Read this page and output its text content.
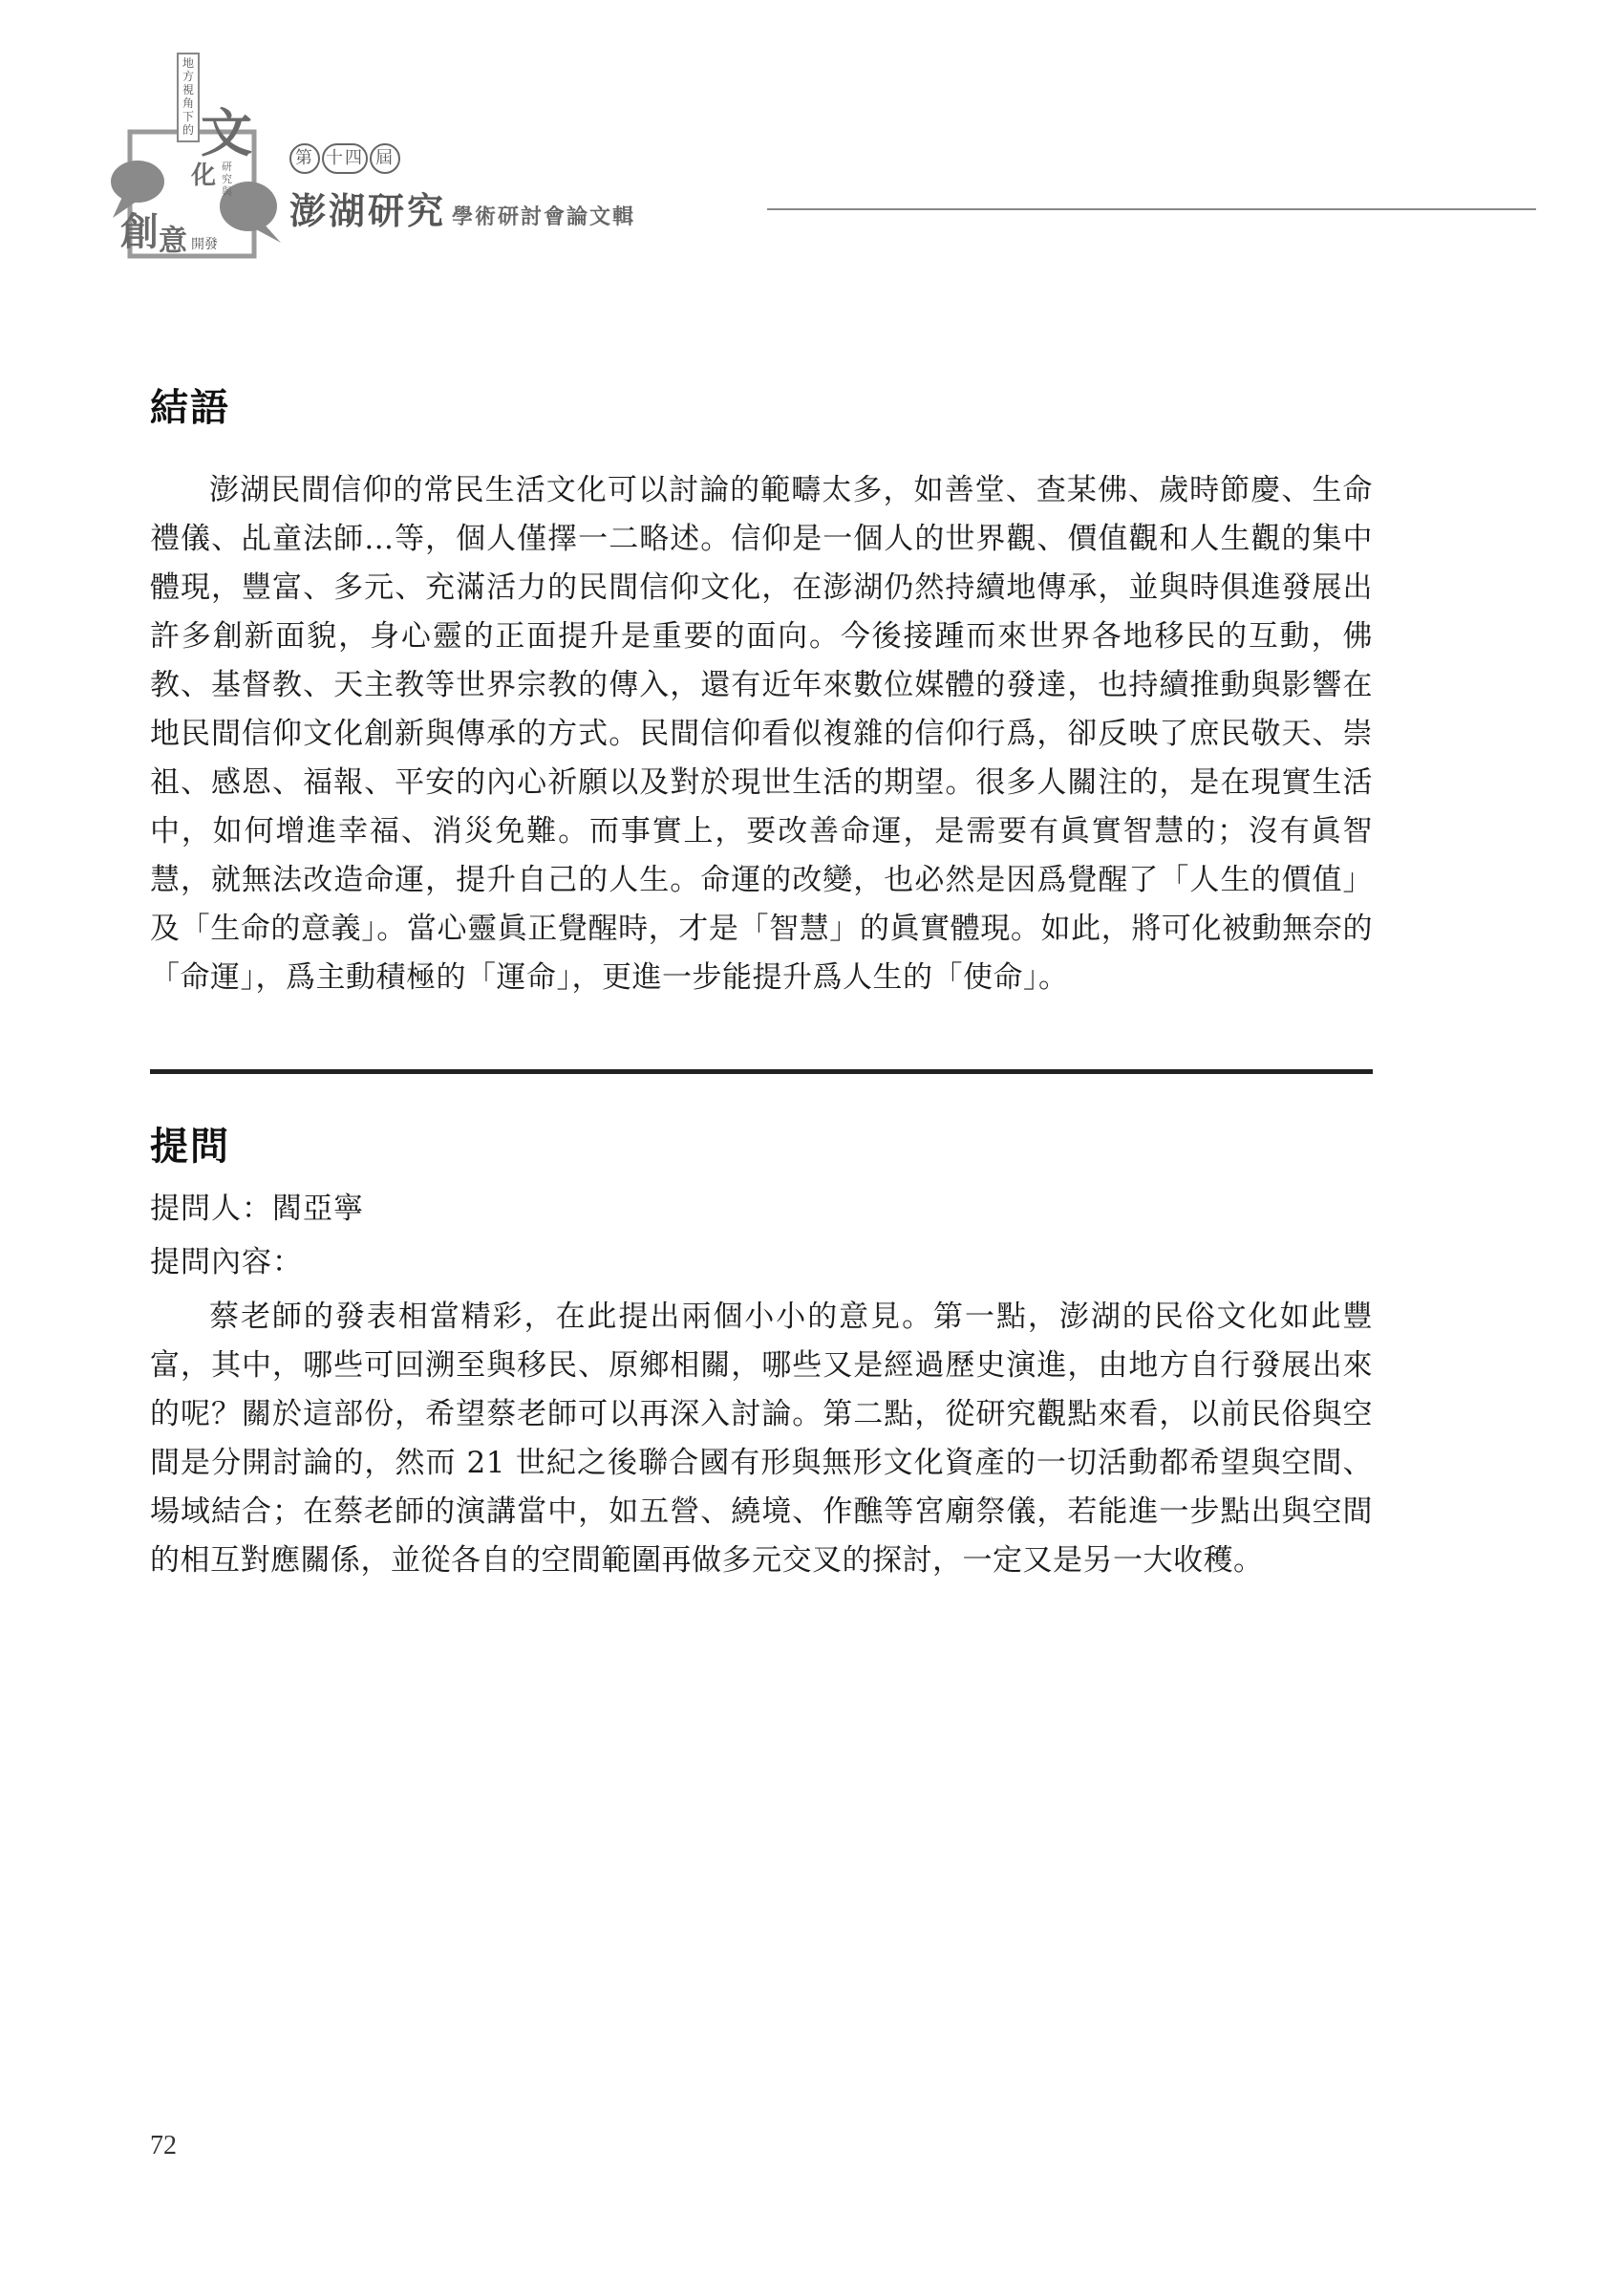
地
方
視
角
下
的 文
化 研
究
與
創 意 開發
第 十四 屆
澎湖研究 學術研討會論文輯
結語

澎湖民間信仰的常民生活文化可以討論的範疇太多，如善堂、查某佛、歲時節慶、生命禮儀、乩童法師…等，個人僅擇一二略述。信仰是一個人的世界觀、價值觀和人生觀的集中體現，豐富、多元、充滿活力的民間信仰文化，在澎湖仍然持續地傳承，並與時俱進發展出許多創新面貌，身心靈的正面提升是重要的面向。今後接踵而來世界各地移民的互動，佛教、基督教、天主教等世界宗教的傳入，還有近年來數位媒體的發達，也持續推動與影響在地民間信仰文化創新與傳承的方式。民間信仰看似複雜的信仰行爲，卻反映了庶民敬天、崇祖、感恩、福報、平安的內心祈願以及對於現世生活的期望。很多人關注的，是在現實生活中，如何增進幸福、消災免難。而事實上，要改善命運，是需要有眞實智慧的；沒有眞智慧，就無法改造命運，提升自己的人生。命運的改變，也必然是因爲覺醒了「人生的價值」及「生命的意義」。當心靈眞正覺醒時，才是「智慧」的眞實體現。如此，將可化被動無奈的「命運」，爲主動積極的「運命」，更進一步能提升爲人生的「使命」。

提問

提問人：閻亞寧

提問內容：

蔡老師的發表相當精彩，在此提出兩個小小的意見。第一點，澎湖的民俗文化如此豐富，其中，哪些可回溯至與移民、原鄉相關，哪些又是經過歷史演進，由地方自行發展出來的呢？關於這部份，希望蔡老師可以再深入討論。第二點，從研究觀點來看，以前民俗與空間是分開討論的，然而 21 世紀之後聯合國有形與無形文化資產的一切活動都希望與空間、場域結合；在蔡老師的演講當中，如五營、繞境、作醮等宮廟祭儀，若能進一步點出與空間的相互對應關係，並從各自的空間範圍再做多元交叉的探討，一定又是另一大收穫。

72
